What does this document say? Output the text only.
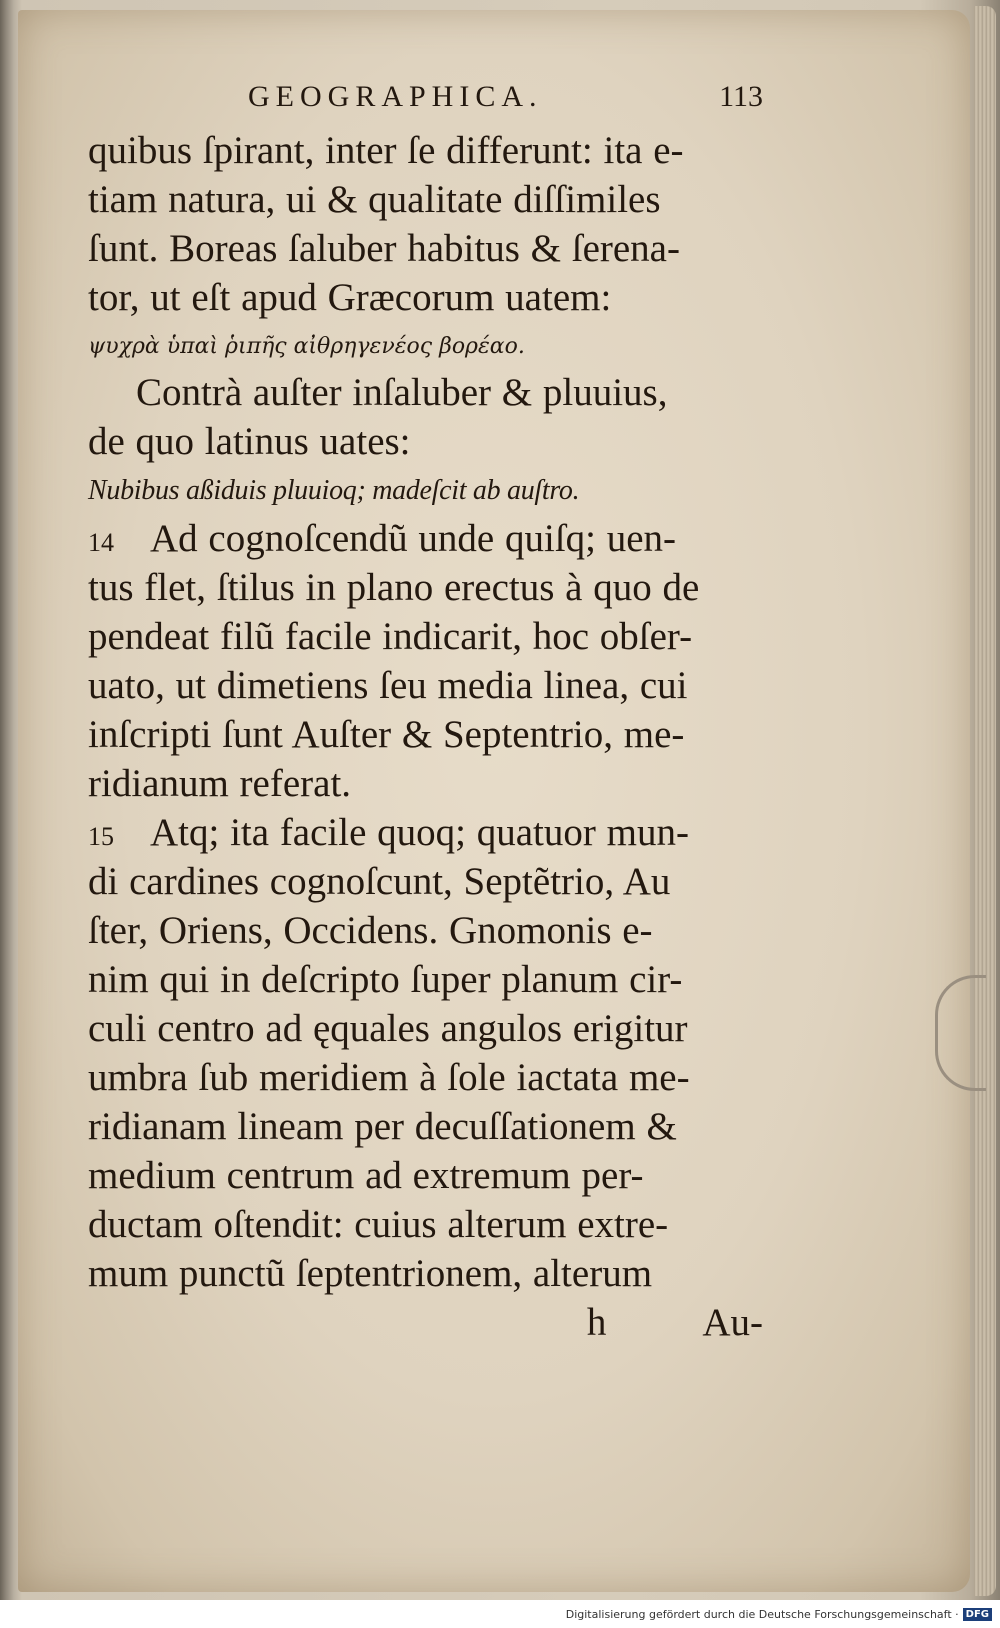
GEOGRAPHICA.	113
quibus ſpirant, inter ſe differunt: ita e-
tiam natura, ui & qualitate diſſimiles
ſunt. Boreas ſaluber habitus & ſerena-
tor, ut eſt apud Græcorum uatem:
ψυχρὰ ὑπαὶ ῥιπῆς αἰθρηγενέος βορέαο.
Contrà auſter inſaluber & pluuius,
de quo latinus uates:
Nubibus aßiduis pluuioq; madeſcit ab auſtro.
14 Ad cognoſcendũ unde quiſq; uen-
tus flet, ſtilus in plano erectus à quo de
pendeat filũ facile indicarit, hoc obſer-
uato, ut dimetiens ſeu media linea, cui
inſcripti ſunt Auſter & Septentrio, me-
ridianum referat.
15 Atq; ita facile quoq; quatuor mun-
di cardines cognoſcunt, Septẽtrio, Au
ſter, Oriens, Occidens. Gnomonis e-
nim qui in deſcripto ſuper planum cir-
culi centro ad ęquales angulos erigitur
umbra ſub meridiem à ſole iactata me-
ridianam lineam per decuſſationem &
medium centrum ad extremum per-
ductam oſtendit: cuius alterum extre-
mum punctũ ſeptentrionem, alterum
h Au-
Digitalisierung gefördert durch die Deutsche Forschungsgemeinschaft · DFG
